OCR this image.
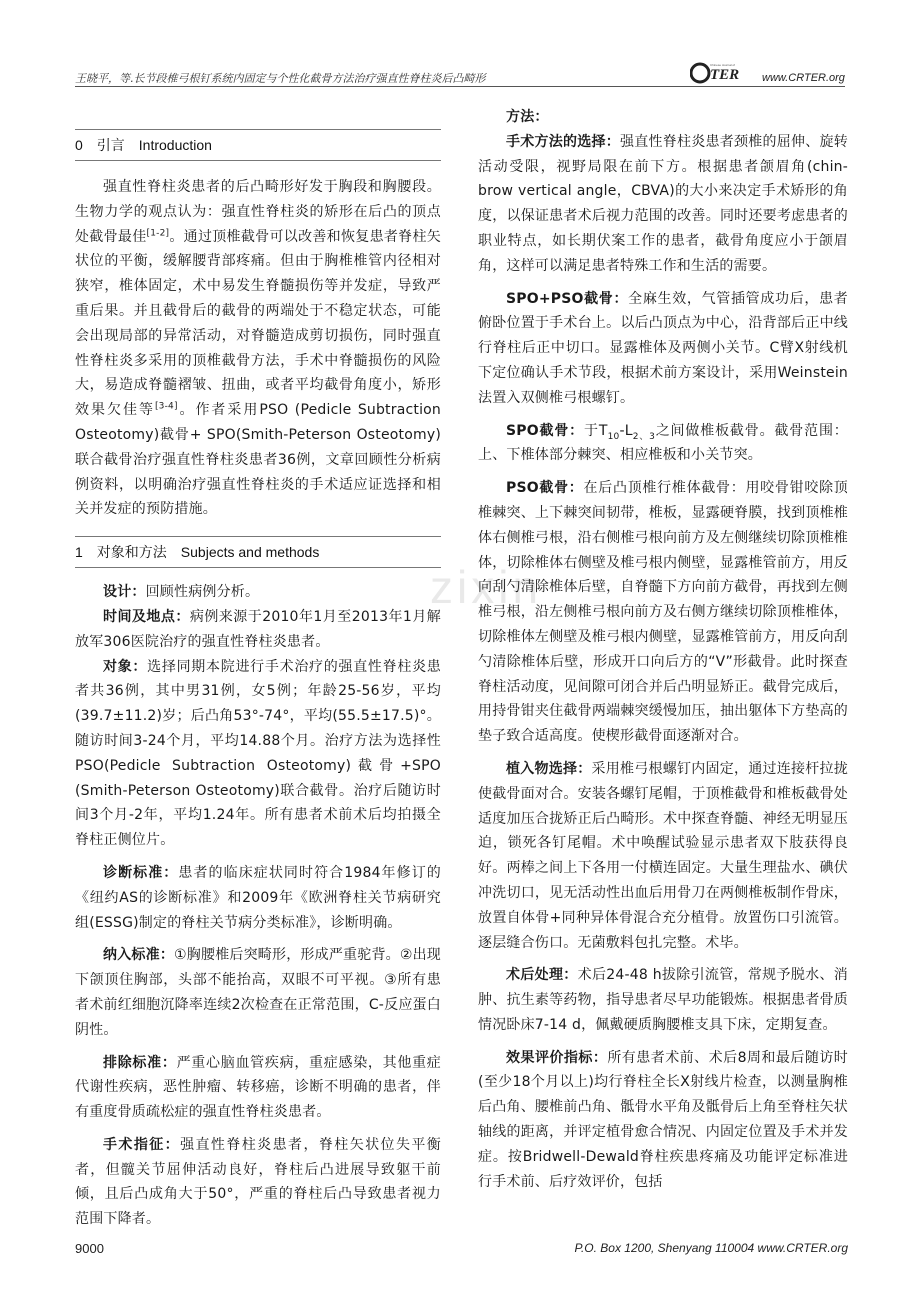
王晓平，等.长节段椎弓根钉系统内固定与个性化截骨方法治疗强直性脊柱炎后凸畸形	TER
Chinese Journal of
www.CRTER.org
zixin
0 引言 Introduction

强直性脊柱炎患者的后凸畸形好发于胸段和胸腰段。生物力学的观点认为：强直性脊柱炎的矫形在后凸的顶点处截骨最佳[1-2]。通过顶椎截骨可以改善和恢复患者脊柱矢状位的平衡，缓解腰背部疼痛。但由于胸椎椎管内径相对狭窄，椎体固定，术中易发生脊髓损伤等并发症，导致严重后果。并且截骨后的截骨的两端处于不稳定状态，可能会出现局部的异常活动，对脊髓造成剪切损伤，同时强直性脊柱炎多采用的顶椎截骨方法，手术中脊髓损伤的风险大，易造成脊髓褶皱、扭曲，或者平均截骨角度小，矫形效果欠佳等[3-4]。作者采用PSO (Pedicle Subtraction Osteotomy)截骨+ SPO(Smith-Peterson Osteotomy)联合截骨治疗强直性脊柱炎患者36例，文章回顾性分析病例资料，以明确治疗强直性脊柱炎的手术适应证选择和相关并发症的预防措施。

1 对象和方法 Subjects and methods

设计：回顾性病例分析。

时间及地点：病例来源于2010年1月至2013年1月解放军306医院治疗的强直性脊柱炎患者。

对象：选择同期本院进行手术治疗的强直性脊柱炎患者共36例，其中男31例，女5例；年龄25-56岁，平均(39.7±11.2)岁；后凸角53°-74°，平均(55.5±17.5)°。随访时间3-24个月，平均14.88个月。治疗方法为选择性PSO(Pedicle Subtraction Osteotomy)截骨+SPO (Smith-Peterson Osteotomy)联合截骨。治疗后随访时间3个月-2年，平均1.24年。所有患者术前术后均拍摄全脊柱正侧位片。

诊断标准：患者的临床症状同时符合1984年修订的《纽约AS的诊断标准》和2009年《欧洲脊柱关节病研究组(ESSG)制定的脊柱关节病分类标准》，诊断明确。

纳入标准：①胸腰椎后突畸形，形成严重驼背。②出现下颌顶住胸部，头部不能抬高，双眼不可平视。③所有患者术前红细胞沉降率连续2次检查在正常范围，C-反应蛋白阴性。

排除标准：严重心脑血管疾病，重症感染，其他重症代谢性疾病，恶性肿瘤、转移癌，诊断不明确的患者，伴有重度骨质疏松症的强直性脊柱炎患者。

手术指征：强直性脊柱炎患者，脊柱矢状位失平衡者，但髋关节屈伸活动良好，脊柱后凸进展导致躯干前倾，且后凸成角大于50°，严重的脊柱后凸导致患者视力范围下降者。

方法：

手术方法的选择：强直性脊柱炎患者颈椎的屈伸、旋转活动受限，视野局限在前下方。根据患者颌眉角(chin-brow vertical angle，CBVA)的大小来决定手术矫形的角度，以保证患者术后视力范围的改善。同时还要考虑患者的职业特点，如长期伏案工作的患者，截骨角度应小于颌眉角，这样可以满足患者特殊工作和生活的需要。

SPO+PSO截骨：全麻生效，气管插管成功后，患者俯卧位置于手术台上。以后凸顶点为中心，沿背部后正中线行脊柱后正中切口。显露椎体及两侧小关节。C臂X射线机下定位确认手术节段，根据术前方案设计，采用Weinstein法置入双侧椎弓根螺钉。

SPO截骨：于$T_{10}-L_{2、3}$之间做椎板截骨。截骨范围：上、下椎体部分棘突、相应椎板和小关节突。

PSO截骨：在后凸顶椎行椎体截骨：用咬骨钳咬除顶椎棘突、上下棘突间韧带，椎板，显露硬脊膜，找到顶椎椎体右侧椎弓根，沿右侧椎弓根向前方及左侧继续切除顶椎椎体，切除椎体右侧壁及椎弓根内侧壁，显露椎管前方，用反向刮勺清除椎体后壁，自脊髓下方向前方截骨，再找到左侧椎弓根，沿左侧椎弓根向前方及右侧方继续切除顶椎椎体，切除椎体左侧壁及椎弓根内侧壁，显露椎管前方，用反向刮勺清除椎体后壁，形成开口向后方的“V”形截骨。此时探查脊柱活动度，见间隙可闭合并后凸明显矫正。截骨完成后，用持骨钳夹住截骨两端棘突缓慢加压，抽出躯体下方垫高的垫子致合适高度。使楔形截骨面逐渐对合。

植入物选择：采用椎弓根螺钉内固定，通过连接杆拉拢使截骨面对合。安装各螺钉尾帽，于顶椎截骨和椎板截骨处适度加压合拢矫正后凸畸形。术中探查脊髓、神经无明显压迫，锁死各钉尾帽。术中唤醒试验显示患者双下肢获得良好。两棒之间上下各用一付横连固定。大量生理盐水、碘伏冲洗切口，见无活动性出血后用骨刀在两侧椎板制作骨床，放置自体骨+同种异体骨混合充分植骨。放置伤口引流管。逐层缝合伤口。无菌敷料包扎完整。术毕。

术后处理：术后24-48 h拔除引流管，常规予脱水、消肿、抗生素等药物，指导患者尽早功能锻炼。根据患者骨质情况卧床7-14 d，佩戴硬质胸腰椎支具下床，定期复查。

效果评价指标：所有患者术前、术后8周和最后随访时(至少18个月以上)均行脊柱全长X射线片检查，以测量胸椎后凸角、腰椎前凸角、骶骨水平角及骶骨后上角至脊柱矢状轴线的距离，并评定植骨愈合情况、内固定位置及手术并发症。按Bridwell-Dewald脊柱疾患疼痛及功能评定标准进行手术前、后疗效评价，包括

9000	P.O. Box 1200, Shenyang 110004 www.CRTER.org
